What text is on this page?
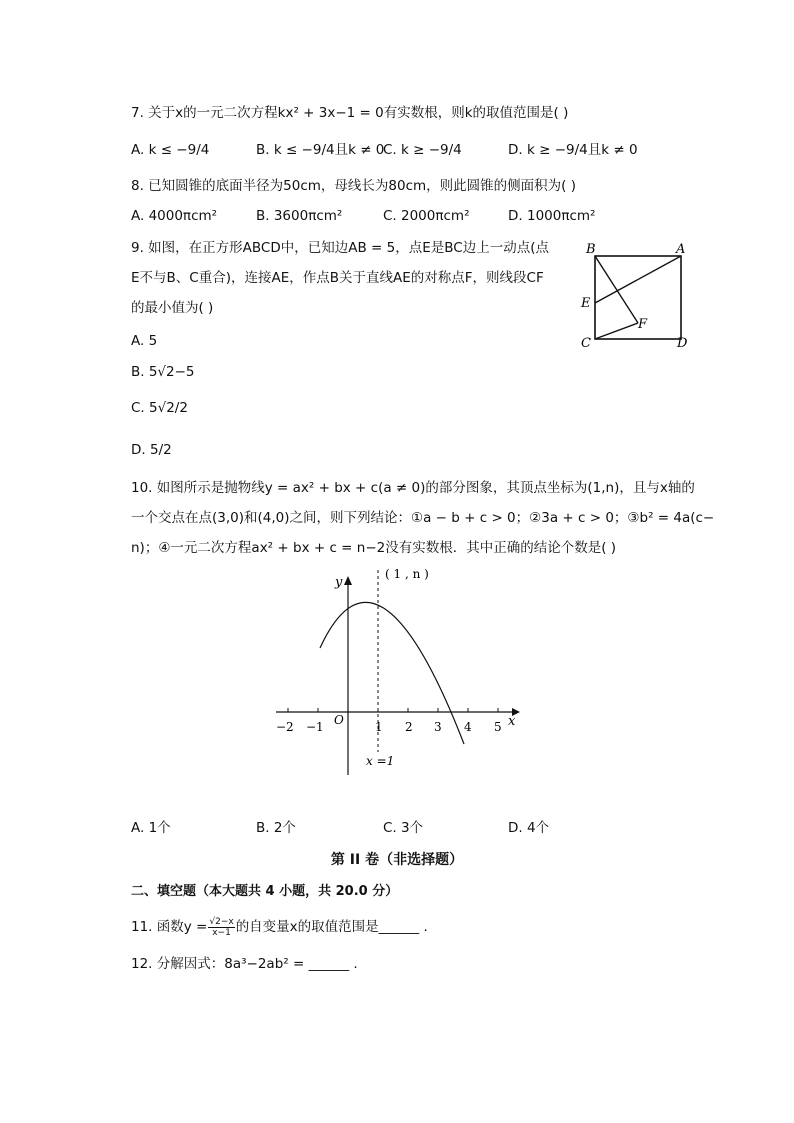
7. 关于x的一元二次方程kx² + 3x−1 = 0有实数根，则k的取值范围是( )
A. k ≤ −9/4	B. k ≤ −9/4且k ≠ 0
C. k ≥ −9/4	D. k ≥ −9/4且k ≠ 0
8. 已知圆锥的底面半径为50cm，母线长为80cm，则此圆锥的侧面积为( )
A. 4000πcm²	B. 3600πcm²	C. 2000πcm²	D. 1000πcm²
9. 如图，在正方形ABCD中，已知边AB = 5，点E是BC边上一动点(点
E不与B、C重合)，连接AE，作点B关于直线AE的对称点F，则线段CF
的最小值为( )
A. 5
B. 5√2−5
C. 5√2/2
D. 5/2
B	A
E
F
C	D
10. 如图所示是抛物线y = ax² + bx + c(a ≠ 0)的部分图象，其顶点坐标为(1,n)，且与x轴的
一个交点在点(3,0)和(4,0)之间，则下列结论：①a − b + c > 0；②3a + c > 0；③b² = 4a(c−
n)；④一元二次方程ax² + bx + c = n−2没有实数根．其中正确的结论个数是( )
y
x
O
( 1 , n )
x =1
−2 −1	1 2 3 4 5
A. 1个	B. 2个	C. 3个	D. 4个
第 II 卷（非选择题）
二、填空题（本大题共 4 小题，共 20.0 分）
11. 函数$y = \frac{√2-x}{x-1}$ 的自变量x的取值范围是______ .
12. 分解因式：8a³−2ab² = ______ .
